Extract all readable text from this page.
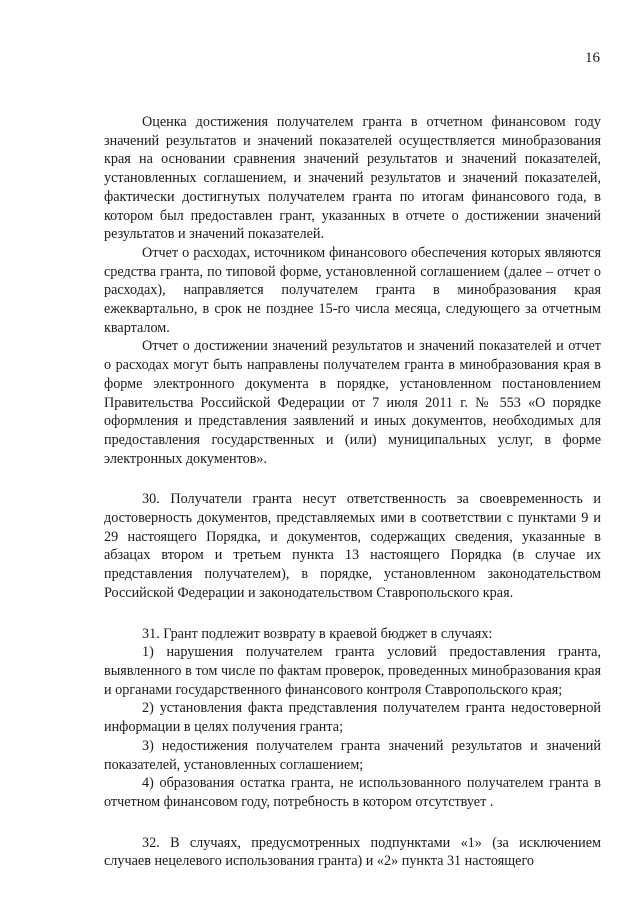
16

Оценка достижения получателем гранта в отчетном финансовом году значений результатов и значений показателей осуществляется минобразования края на основании сравнения значений результатов и значений показателей, установленных соглашением, и значений результатов и значений показателей, фактически достигнутых получателем гранта по итогам финансового года, в котором был предоставлен грант, указанных в отчете о достижении значений результатов и значений показателей.

Отчет о расходах, источником финансового обеспечения которых являются средства гранта, по типовой форме, установленной соглашением (далее – отчет о расходах), направляется получателем гранта в минобразования края ежеквартально, в срок не позднее 15-го числа месяца, следующего за отчетным кварталом.

Отчет о достижении значений результатов и значений показателей и отчет о расходах могут быть направлены получателем гранта в минобразования края в форме электронного документа в порядке, установленном постановлением Правительства Российской Федерации от 7 июля 2011 г. № 553 «О порядке оформления и представления заявлений и иных документов, необходимых для предоставления государственных и (или) муниципальных услуг, в форме электронных документов».

30. Получатели гранта несут ответственность за своевременность и достоверность документов, представляемых ими в соответствии с пунктами 9 и 29 настоящего Порядка, и документов, содержащих сведения, указанные в абзацах втором и третьем пункта 13 настоящего Порядка (в случае их представления получателем), в порядке, установленном законодательством Российской Федерации и законодательством Ставропольского края.

31. Грант подлежит возврату в краевой бюджет в случаях:

1) нарушения получателем гранта условий предоставления гранта, выявленного в том числе по фактам проверок, проведенных минобразования края и органами государственного финансового контроля Ставропольского края;

2) установления факта представления получателем гранта недостоверной информации в целях получения гранта;

3) недостижения получателем гранта значений результатов и значений показателей, установленных соглашением;

4) образования остатка гранта, не использованного получателем гранта в отчетном финансовом году, потребность в котором отсутствует .

32. В случаях, предусмотренных подпунктами «1» (за исключением случаев нецелевого использования гранта) и «2» пункта 31 настоящего
